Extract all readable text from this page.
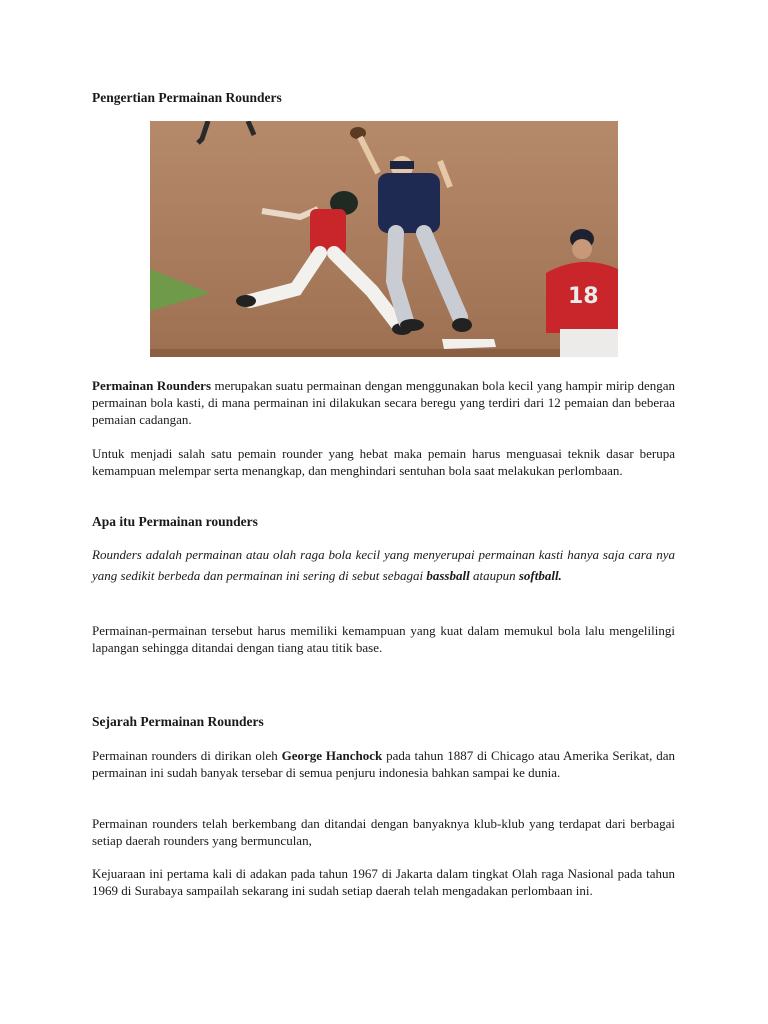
Pengertian Permainan Rounders
18

Permainan Rounders merupakan suatu permainan dengan menggunakan bola kecil yang hampir mirip dengan permainan bola kasti, di mana permainan ini dilakukan secara beregu yang terdiri dari 12 pemaian dan beberaa pemaian cadangan.

Untuk menjadi salah satu pemain rounder yang hebat maka pemain harus menguasai teknik dasar berupa kemampuan melempar serta menangkap, dan menghindari sentuhan bola saat melakukan perlombaan.

Apa itu Permainan rounders

Rounders adalah permainan atau olah raga bola kecil yang menyerupai permainan kasti hanya saja cara nya yang sedikit berbeda dan permainan ini sering di sebut sebagai bassball ataupun softball.

Permainan-permainan tersebut harus memiliki kemampuan yang kuat dalam memukul bola lalu mengelilingi lapangan sehingga ditandai dengan tiang atau titik base.

Sejarah Permainan Rounders

Permainan rounders di dirikan oleh George Hanchock pada tahun 1887 di Chicago atau Amerika Serikat, dan permainan ini sudah banyak tersebar di semua penjuru indonesia bahkan sampai ke dunia.

Permainan rounders telah berkembang dan ditandai dengan banyaknya klub-klub yang terdapat dari berbagai setiap daerah rounders yang bermunculan,

Kejuaraan ini pertama kali di adakan pada tahun 1967 di Jakarta dalam tingkat Olah raga Nasional pada tahun 1969 di Surabaya sampailah sekarang ini sudah setiap daerah telah mengadakan perlombaan ini.
